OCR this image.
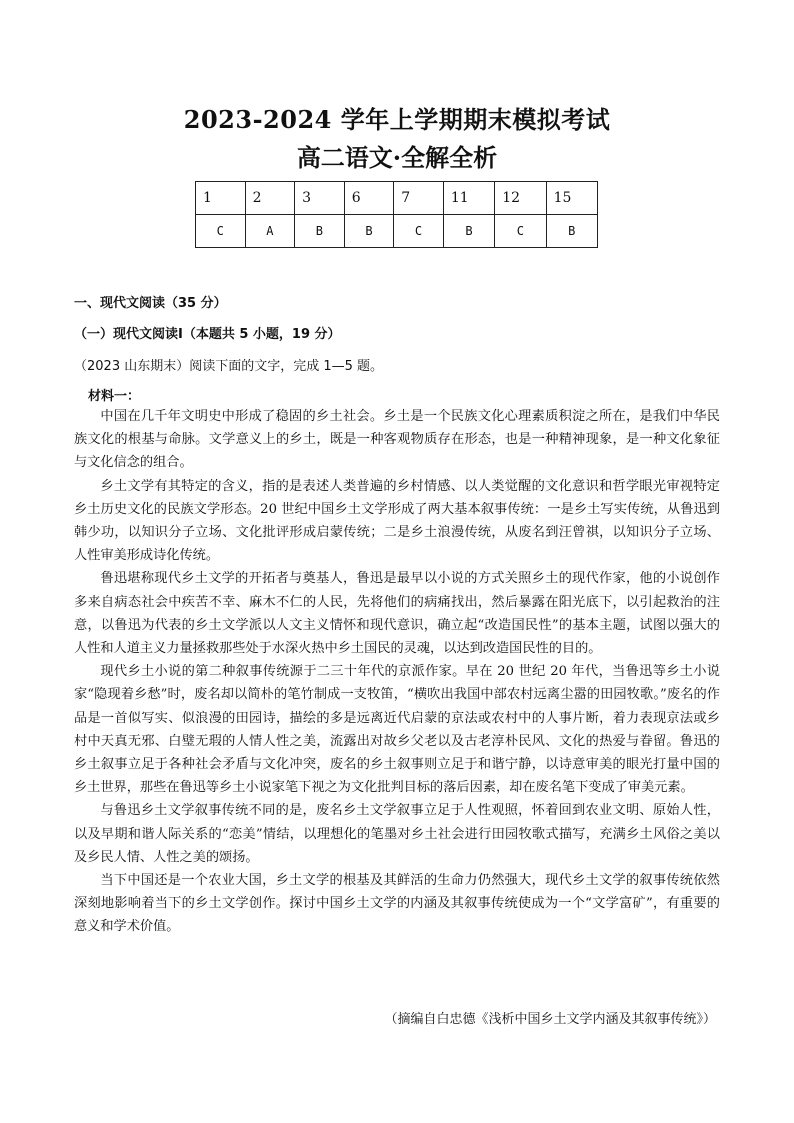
2023-2024 学年上学期期末模拟考试
高二语文·全解全析
1	2	3	6	7	11	12	15
C	A	B	B	C	B	C	B
一、现代文阅读（35 分）
（一）现代文阅读Ⅰ（本题共 5 小题，19 分）
（2023 山东期末）阅读下面的文字，完成 1—5 题。
材料一：

中国在几千年文明史中形成了稳固的乡土社会。乡土是一个民族文化心理素质积淀之所在，是我们中华民族文化的根基与命脉。文学意义上的乡土，既是一种客观物质存在形态，也是一种精神现象，是一种文化象征与文化信念的组合。

乡土文学有其特定的含义，指的是表述人类普遍的乡村情感、以人类觉醒的文化意识和哲学眼光审视特定乡土历史文化的民族文学形态。20 世纪中国乡土文学形成了两大基本叙事传统：一是乡土写实传统，从鲁迅到韩少功，以知识分子立场、文化批评形成启蒙传统；二是乡土浪漫传统，从废名到汪曾祺，以知识分子立场、人性审美形成诗化传统。

鲁迅堪称现代乡土文学的开拓者与奠基人，鲁迅是最早以小说的方式关照乡土的现代作家，他的小说创作多来自病态社会中疾苦不幸、麻木不仁的人民，先将他们的病痛找出，然后暴露在阳光底下，以引起救治的注意，以鲁迅为代表的乡土文学派以人文主义情怀和现代意识，确立起“改造国民性”的基本主题，试图以强大的人性和人道主义力量拯救那些处于水深火热中乡土国民的灵魂，以达到改造国民性的目的。

现代乡土小说的第二种叙事传统源于二三十年代的京派作家。早在 20 世纪 20 年代，当鲁迅等乡土小说家“隐现着乡愁”时，废名却以简朴的笔竹制成一支牧笛，“横吹出我国中部农村远离尘嚣的田园牧歌。”废名的作品是一首似写实、似浪漫的田园诗，描绘的多是远离近代启蒙的京法或农村中的人事片断，着力表现京法或乡村中天真无邪、白璧无瑕的人情人性之美，流露出对故乡父老以及古老淳朴民风、文化的热爱与眷留。鲁迅的乡土叙事立足于各种社会矛盾与文化冲突，废名的乡土叙事则立足于和谐宁静，以诗意审美的眼光打量中国的乡土世界，那些在鲁迅等乡土小说家笔下视之为文化批判目标的落后因素，却在废名笔下变成了审美元素。

与鲁迅乡土文学叙事传统不同的是，废名乡土文学叙事立足于人性观照，怀着回到农业文明、原始人性，以及早期和谐人际关系的“恋美”情结，以理想化的笔墨对乡土社会进行田园牧歌式描写，充满乡土风俗之美以及乡民人情、人性之美的颂扬。

当下中国还是一个农业大国，乡土文学的根基及其鲜活的生命力仍然强大，现代乡土文学的叙事传统依然深刻地影响着当下的乡土文学创作。探讨中国乡土文学的内涵及其叙事传统使成为一个“文学富矿”，有重要的意义和学术价值。

（摘编自白忠德《浅析中国乡土文学内涵及其叙事传统》）
